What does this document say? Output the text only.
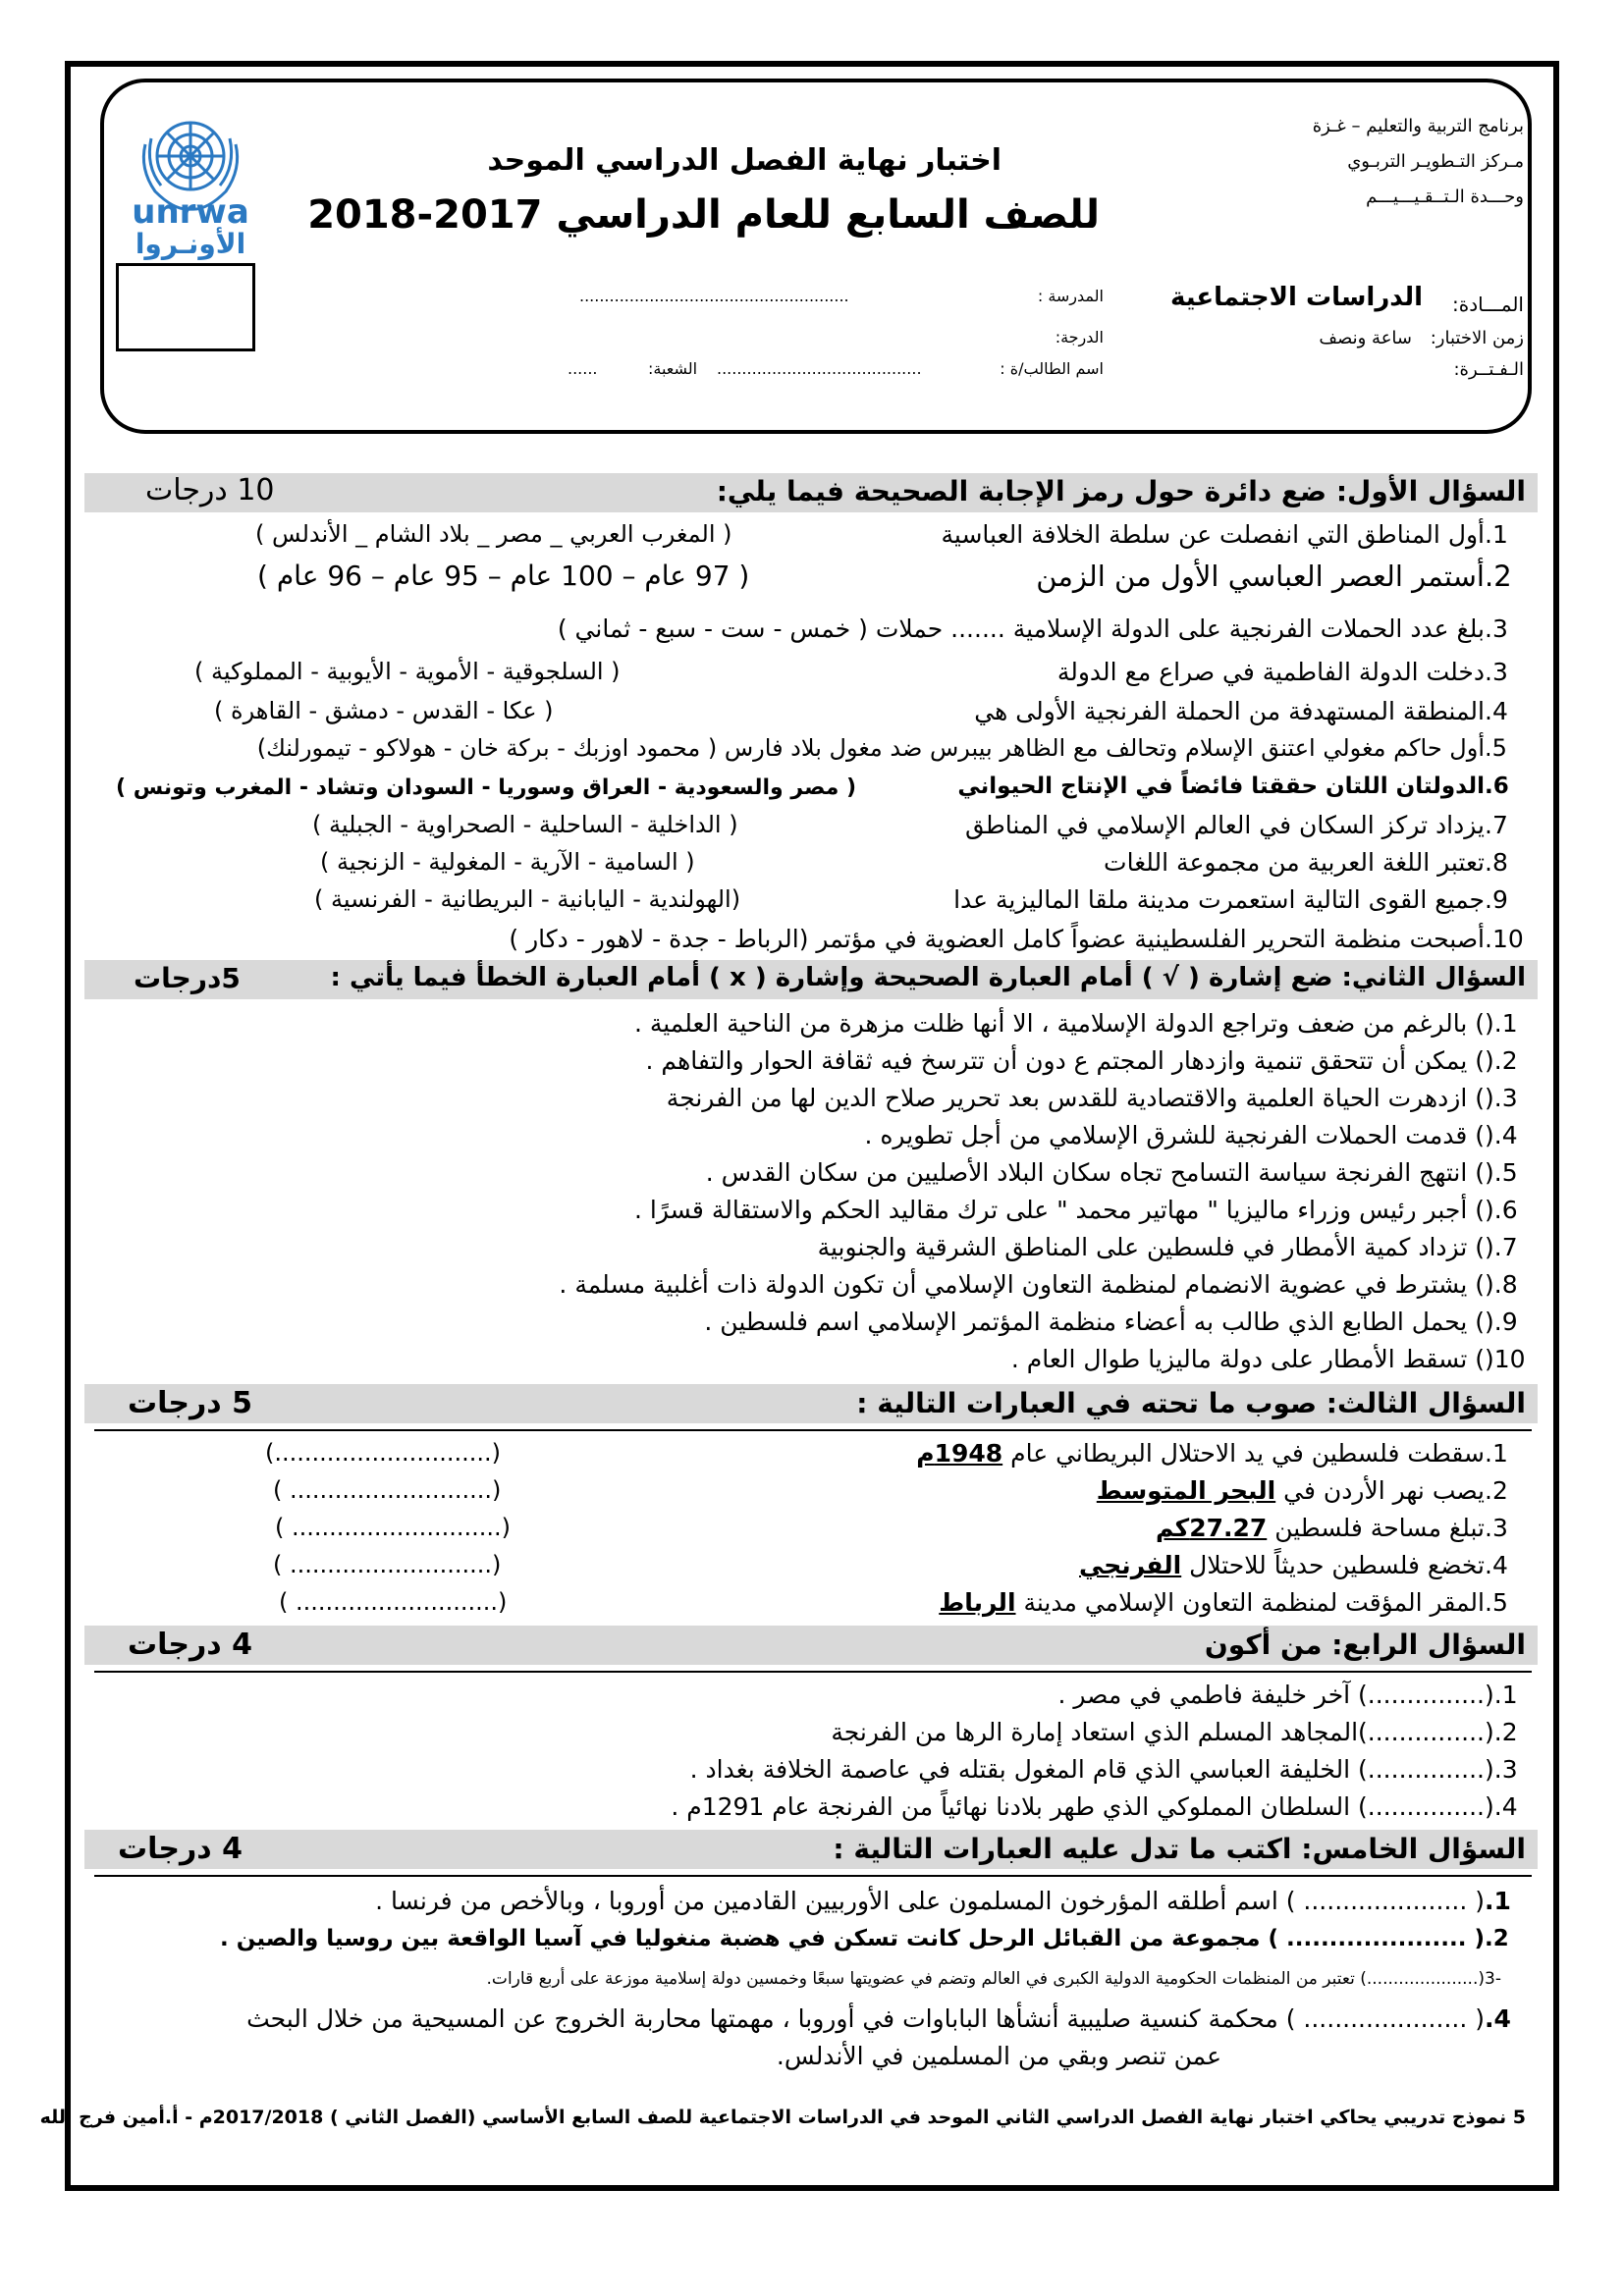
unrwa
الأونـروا
برنامج التربية والتعليم – غـزة
مـركز التـطويـر التربـوي
وحـــدة الـتــقـيـــيـــم
اختبار نهاية الفصل الدراسي الموحد
للصف السابع للعام الدراسي 2017-2018
المـــادة:
الدراسات الاجتماعية
زمن الاختبار:
ساعة ونصف
الـفـتــرة:
المدرسة :
......................................................
الدرجة:
اسم الطالب/ة :
.........................................
الشعبة:
......
السؤال الأول: ضع دائرة حول رمز الإجابة الصحيحة فيما يلي:
10 درجات
1.أول المناطق التي انفصلت عن سلطة الخلافة العباسية
( المغرب العربي _ مصر _ بلاد الشام _ الأندلس )
2.أستمر العصر العباسي الأول من الزمن
( 97 عام – 100 عام – 95 عام – 96 عام )
3.بلغ عدد الحملات الفرنجية على الدولة الإسلامية ....... حملات ( خمس - ست - سبع - ثماني )
3.دخلت الدولة الفاطمية في صراع مع الدولة
( السلجوقية - الأموية - الأيوبية - المملوكية )
4.المنطقة المستهدفة من الحملة الفرنجية الأولى هي
( عكا - القدس - دمشق - القاهرة )
5.أول حاكم مغولي اعتنق الإسلام وتحالف مع الظاهر بيبرس ضد مغول بلاد فارس ( محمود اوزبك - بركة خان - هولاكو - تيمورلنك)
6.الدولتان اللتان حققتا فائضاً في الإنتاج الحيواني
( مصر والسعودية - العراق وسوريا - السودان وتشاد - المغرب وتونس )
7.يزداد تركز السكان في العالم الإسلامي في المناطق
( الداخلية - الساحلية - الصحراوية - الجبلية )
8.تعتبر اللغة العربية من مجموعة اللغات
( السامية - الآرية - المغولية - الزنجية )
9.جميع القوى التالية استعمرت مدينة ملقا الماليزية عدا
(الهولندية - اليابانية - البريطانية - الفرنسية )
10.أصبحت منظمة التحرير الفلسطينية عضواً كامل العضوية في مؤتمر (الرباط - جدة - لاهور - دكار )
السؤال الثاني: ضع إشارة ( √ ) أمام العبارة الصحيحة وإشارة ( x ) أمام العبارة الخطأ فيما يأتي :
5درجات
1.() بالرغم من ضعف وتراجع الدولة الإسلامية ، الا أنها ظلت مزهرة من الناحية العلمية .
2.() يمكن أن تتحقق تنمية وازدهار المجتم ع دون أن تترسخ فيه ثقافة الحوار والتفاهم .
3.() ازدهرت الحياة العلمية والاقتصادية للقدس بعد تحرير صلاح الدين لها من الفرنجة
4.() قدمت الحملات الفرنجية للشرق الإسلامي من أجل تطويره .
5.() انتهج الفرنجة سياسة التسامح تجاه سكان البلاد الأصليين من سكان القدس .
6.() أجبر رئيس وزراء ماليزيا " مهاتير محمد " على ترك مقاليد الحكم والاستقالة قسرًا .
7.() تزداد كمية الأمطار في فلسطين على المناطق الشرقية والجنوبية
8.() يشترط في عضوية الانضمام لمنظمة التعاون الإسلامي أن تكون الدولة ذات أغلبية مسلمة .
9.() يحمل الطابع الذي طالب به أعضاء منظمة المؤتمر الإسلامي اسم فلسطين .
10() تسقط الأمطار على دولة ماليزيا طوال العام .
السؤال الثالث: صوب ما تحته في العبارات التالية :
5 درجات
1.سقطت فلسطين في يد الاحتلال البريطاني عام 1948م
(.............................)
2.يصب نهر الأردن في البحر المتوسط
( ...........................)
3.تبلغ مساحة فلسطين 27.27كم
( ............................)
4.تخضع فلسطين حديثاً للاحتلال الفرنجي
( ...........................)
5.المقر المؤقت لمنظمة التعاون الإسلامي مدينة الرباط
( ...........................)
السؤال الرابع: من أكون
4 درجات
1.(...............) آخر خليفة فاطمي في مصر .
2.(...............)المجاهد المسلم الذي استعاد إمارة الرها من الفرنجة
3.(...............) الخليفة العباسي الذي قام المغول بقتله في عاصمة الخلافة بغداد .
4.(...............) السلطان المملوكي الذي طهر بلادنا نهائياً من الفرنجة عام 1291م .
السؤال الخامس: اكتب ما تدل عليه العبارات التالية :
4 درجات
1.( ..................... ) اسم أطلقه المؤرخون المسلمون على الأوربيين القادمين من أوروبا ، وبالأخص من فرنسا .
2.( ..................... ) مجموعة من القبائل الرحل كانت تسكن في هضبة منغوليا في آسيا الواقعة بين روسيا والصين .
-3(.....................) تعتبر من المنظمات الحكومية الدولية الكبرى في العالم وتضم في عضويتها سبعًا وخمسين دولة إسلامية موزعة على أربع قارات.
4.( ..................... ) محكمة كنسية صليبية أنشأها الباباوات في أوروبا ، مهمتها محاربة الخروج عن المسيحية من خلال البحث
عمن تنصر وبقي من المسلمين في الأندلس.
5 نموذج تدريبي يحاكي اختبار نهاية الفصل الدراسي الثاني الموحد في الدراسات الاجتماعية للصف السابع الأساسي (الفصل الثاني ) 2017/2018م - أ.أمين فرج الله
